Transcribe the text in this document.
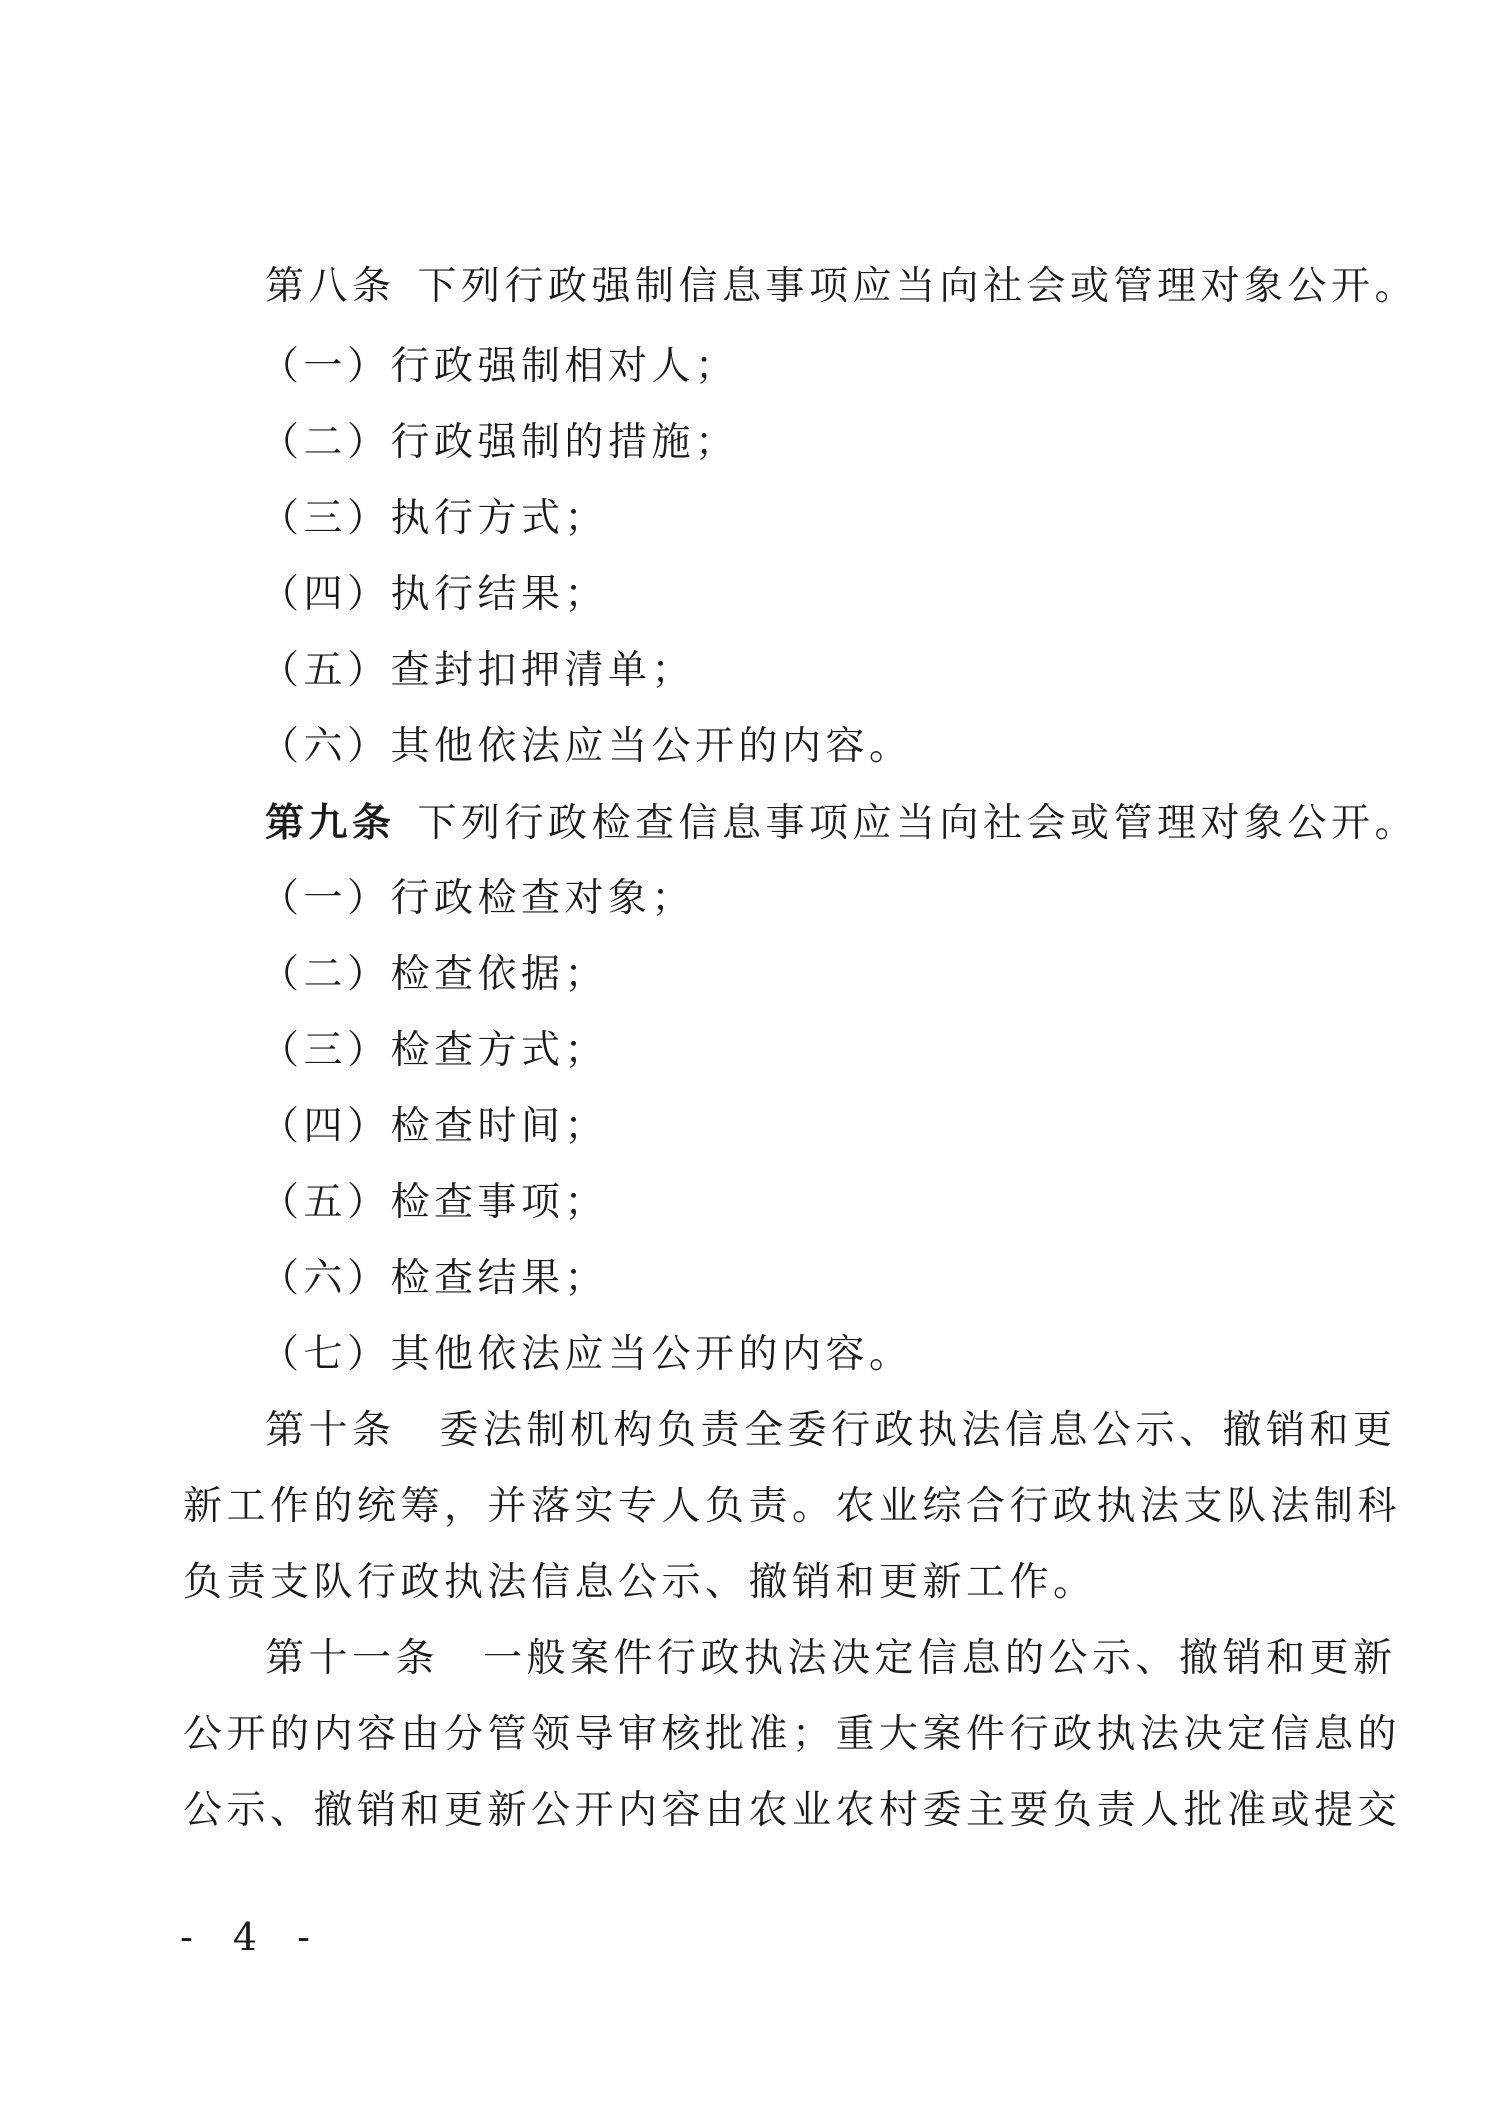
第八条 下列行政强制信息事项应当向社会或管理对象公开。
（一）行政强制相对人；
（二）行政强制的措施；
（三）执行方式；
（四）执行结果；
（五）查封扣押清单；
（六）其他依法应当公开的内容。
第九条 下列行政检查信息事项应当向社会或管理对象公开。
（一）行政检查对象；
（二）检查依据；
（三）检查方式；
（四）检查时间；
（五）检查事项；
（六）检查结果；
（七）其他依法应当公开的内容。
第十条 委法制机构负责全委行政执法信息公示、撤销和更
新工作的统筹，并落实专人负责。农业综合行政执法支队法制科
负责支队行政执法信息公示、撤销和更新工作。
第十一条 一般案件行政执法决定信息的公示、撤销和更新
公开的内容由分管领导审核批准；重大案件行政执法决定信息的
公示、撤销和更新公开内容由农业农村委主要负责人批准或提交
- 4 -
